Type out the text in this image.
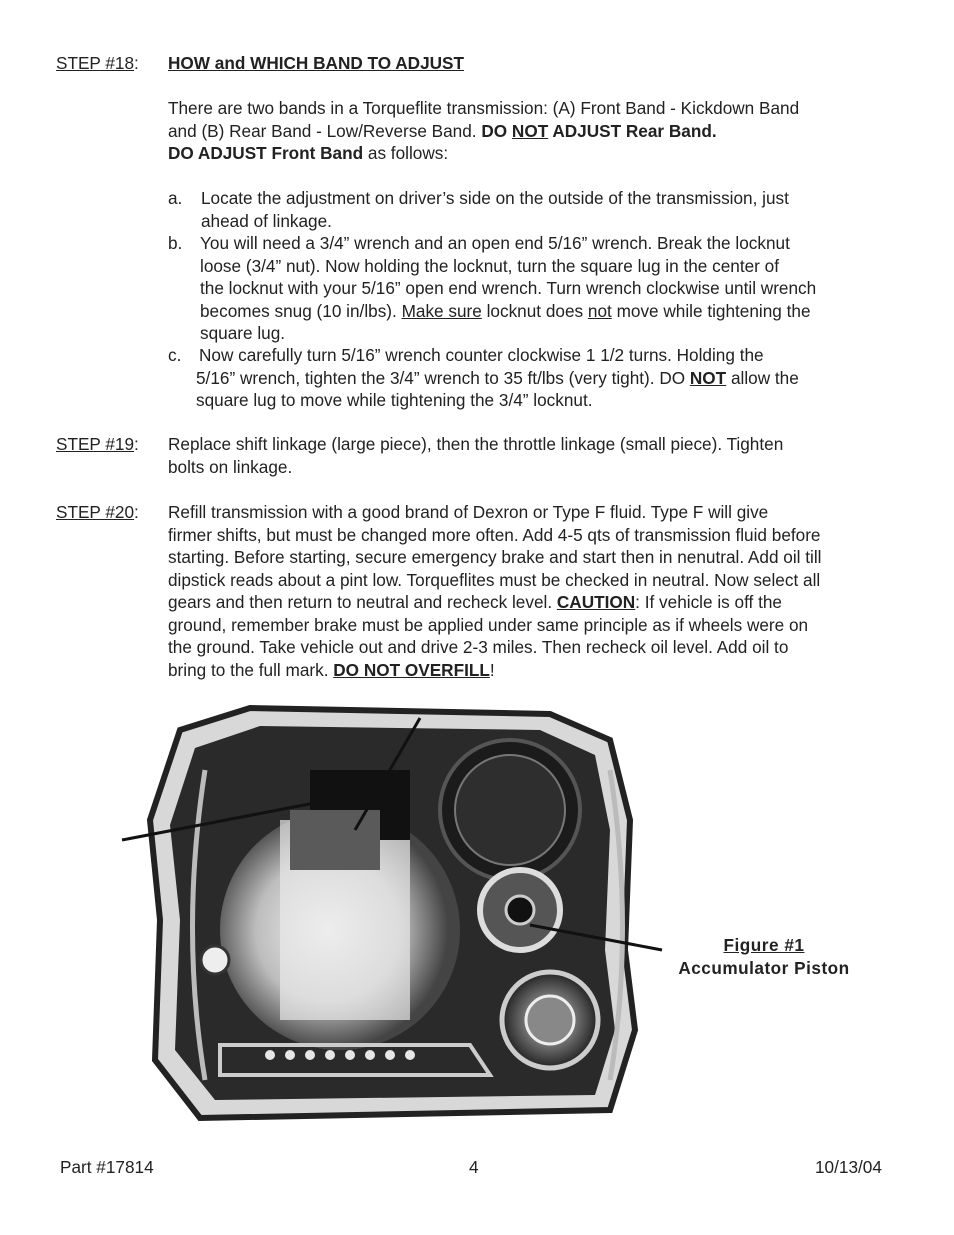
STEP #18: HOW and WHICH BAND TO ADJUST
There are two bands in a Torqueflite transmission: (A) Front Band - Kickdown Band
and (B) Rear Band - Low/Reverse Band. DO NOT ADJUST Rear Band.
DO ADJUST Front Band as follows:
a. Locate the adjustment on driver’s side on the outside of the transmission, just
ahead of linkage.
b. You will need a 3/4” wrench and an open end 5/16” wrench. Break the locknut
loose (3/4” nut). Now holding the locknut, turn the square lug in the center of
the locknut with your 5/16” open end wrench. Turn wrench clockwise until wrench
becomes snug (10 in/lbs). Make sure locknut does not move while tightening the
square lug.
c. Now carefully turn 5/16” wrench counter clockwise 1 1/2 turns. Holding the
5/16” wrench, tighten the 3/4” wrench to 35 ft/lbs (very tight). DO NOT allow the
square lug to move while tightening the 3/4” locknut.
STEP #19: Replace shift linkage (large piece), then the throttle linkage (small piece). Tighten
bolts on linkage.
STEP #20: Refill transmission with a good brand of Dexron or Type F fluid. Type F will give
firmer shifts, but must be changed more often. Add 4-5 qts of transmission fluid before
starting. Before starting, secure emergency brake and start then in nenutral. Add oil till
dipstick reads about a pint low. Torqueflites must be checked in neutral. Now select all
gears and then return to neutral and recheck level. CAUTION: If vehicle is off the
ground, remember brake must be applied under same principle as if wheels were on
the ground. Take vehicle out and drive 2-3 miles. Then recheck oil level. Add oil to
bring to the full mark. DO NOT OVERFILL!
Figure #1
Accumulator Piston
Part #17814	4	10/13/04
